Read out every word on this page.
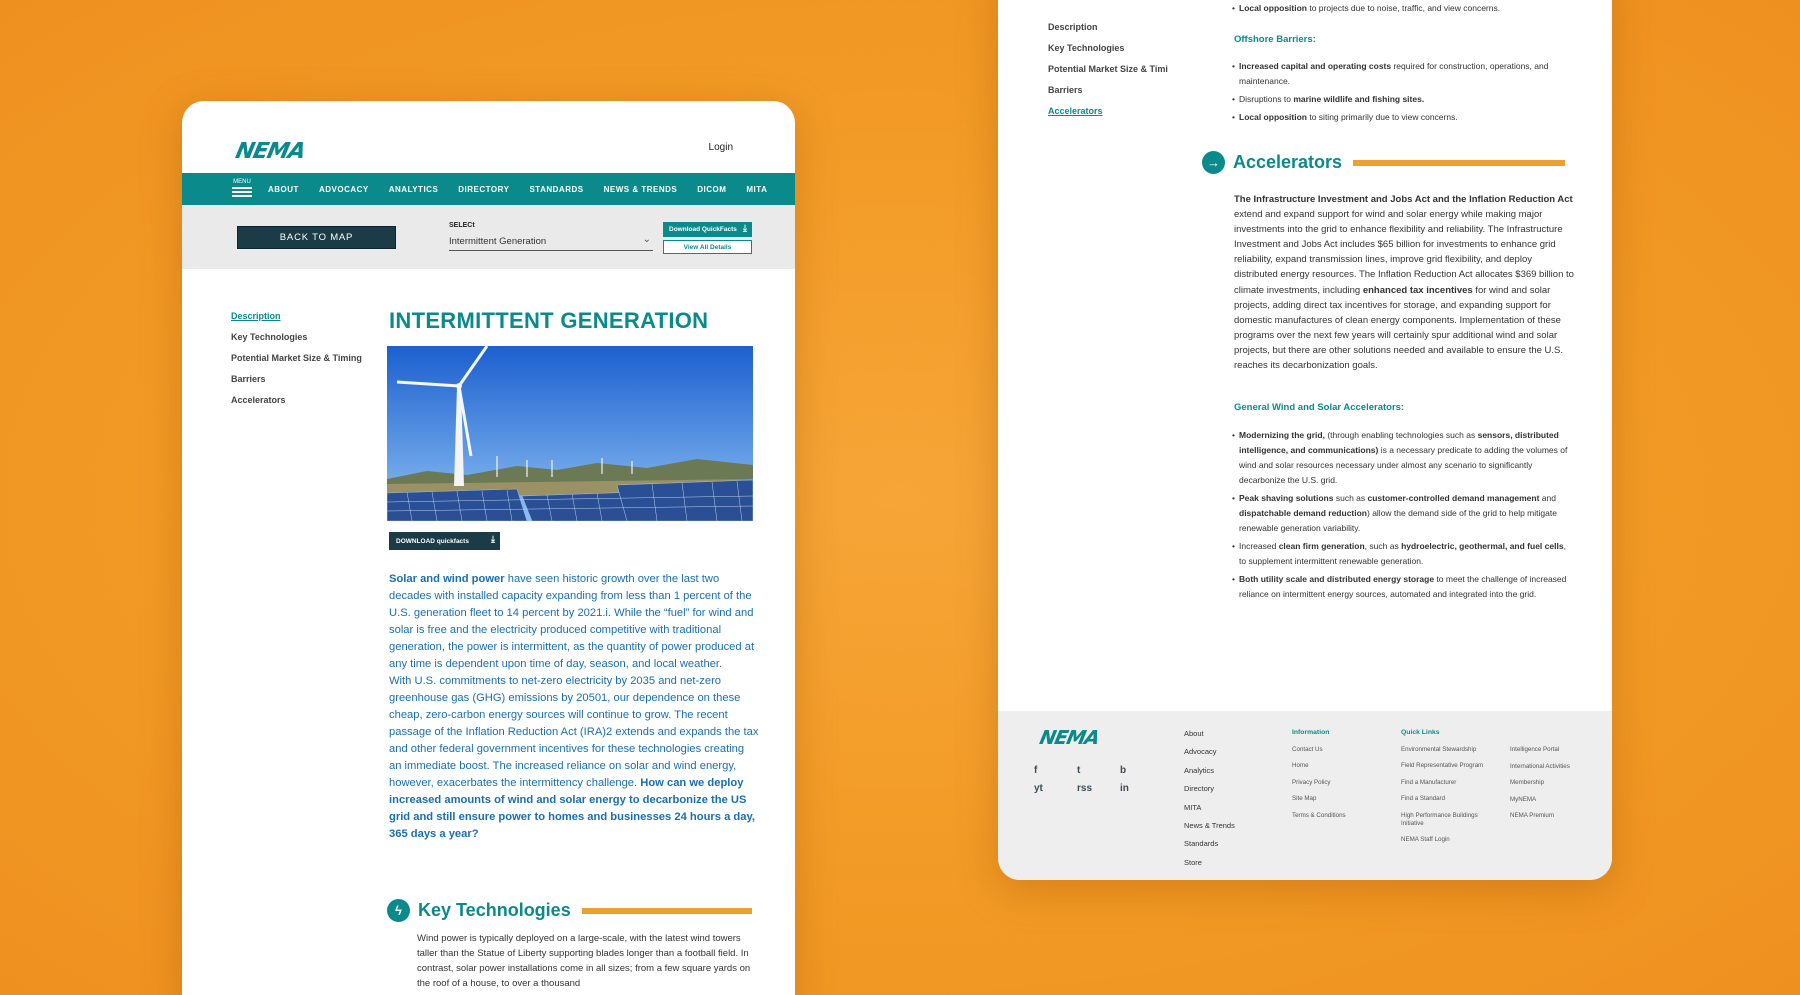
NEMA	Login
MENU
ABOUT	ADVOCACY	ANALYTICS	DIRECTORY	STANDARDS	NEWS & TRENDS	DICOM	MITA
BACK TO MAP
SELECt
Intermittent Generation	⌄
Download QuickFacts ⤓
View All Details
Description
Key Technologies
Potential Market Size & Timing
Barriers
Accelerators
INTERMITTENT GENERATION
DOWNLOAD quickfacts ⤓
Solar and wind power have seen historic growth over the last two decades with installed capacity expanding from less than 1 percent of the U.S. generation fleet to 14 percent by 2021.i. While the “fuel” for wind and solar is free and the electricity produced competitive with traditional generation, the power is intermittent, as the quantity of power produced at any time is dependent upon time of day, season, and local weather.
With U.S. commitments to net-zero electricity by 2035 and net-zero greenhouse gas (GHG) emissions by 20501, our dependence on these cheap, zero-carbon energy sources will continue to grow. The recent passage of the Inflation Reduction Act (IRA)2 extends and expands the tax and other federal government incentives for these technologies creating an immediate boost. The increased reliance on solar and wind energy, however, exacerbates the intermittency challenge. How can we deploy increased amounts of wind and solar energy to decarbonize the US grid and still ensure power to homes and businesses 24 hours a day, 365 days a year?
ϟ Key Technologies
Wind power is typically deployed on a large-scale, with the latest wind towers taller than the Statue of Liberty supporting blades longer than a football field. In contrast, solar power installations come in all sizes; from a few square yards on the roof of a house, to over a thousand
Description
Key Technologies
Potential Market Size & Timi
Barriers
Accelerators
• Local opposition to projects due to noise, traffic, and view concerns.
Offshore Barriers:
• Increased capital and operating costs required for construction, operations, and maintenance.
• Disruptions to marine wildlife and fishing sites.
• Local opposition to siting primarily due to view concerns.
→ Accelerators
The Infrastructure Investment and Jobs Act and the Inflation Reduction Act extend and expand support for wind and solar energy while making major investments into the grid to enhance flexibility and reliability. The Infrastructure Investment and Jobs Act includes $65 billion for investments to enhance grid reliability, expand transmission lines, improve grid flexibility, and deploy distributed energy resources. The Inflation Reduction Act allocates $369 billion to climate investments, including enhanced tax incentives for wind and solar projects, adding direct tax incentives for storage, and expanding support for domestic manufactures of clean energy components. Implementation of these programs over the next few years will certainly spur additional wind and solar projects, but there are other solutions needed and available to ensure the U.S. reaches its decarbonization goals.
General Wind and Solar Accelerators:
• Modernizing the grid, (through enabling technologies such as sensors, distributed intelligence, and communications) is a necessary predicate to adding the volumes of wind and solar resources necessary under almost any scenario to significantly decarbonize the U.S. grid.
• Peak shaving solutions such as customer-controlled demand management and dispatchable demand reduction) allow the demand side of the grid to help mitigate renewable generation variability.
• Increased clean firm generation, such as hydroelectric, geothermal, and fuel cells, to supplement intermittent renewable generation.
• Both utility scale and distributed energy storage to meet the challenge of increased reliance on intermittent energy sources, automated and integrated into the grid.
NEMA
f	t	b
yt	rss	in
About
Advocacy
Analytics
Directory
MITA
News & Trends
Standards
Store
Information
Contact Us
Home
Privacy Policy
Site Map
Terms & Conditions
Quick Links
Environmental Stewardship
Field Representative Program
Find a Manufacturer
Find a Standard
High Performance Buildings Initiative
NEMA Staff Login
Intelligence Portal
International Activities
Membership
MyNEMA
NEMA Premium
